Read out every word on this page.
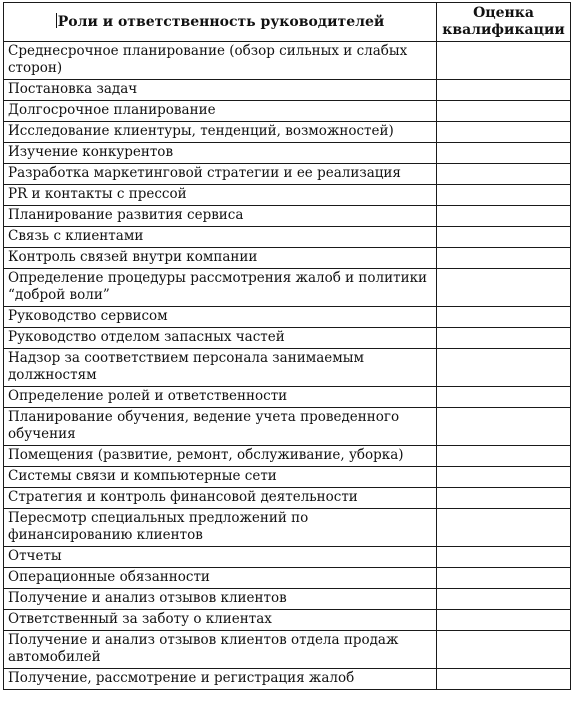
Роли и ответственность руководителей	Оценка
квалификации

Среднесрочное планирование (обзор сильных и слабых сторон)	
Постановка задач	
Долгосрочное планирование	
Исследование клиентуры, тенденций, возможностей)	
Изучение конкурентов	
Разработка маркетинговой стратегии и ее реализация	
PR и контакты с прессой	
Планирование развития сервиса	
Связь с клиентами	
Контроль связей внутри компании	
Определение процедуры рассмотрения жалоб и политики “доброй воли”	
Руководство сервисом	
Руководство отделом запасных частей	
Надзор за соответствием персонала занимаемым должностям	
Определение ролей и ответственности	
Планирование обучения, ведение учета проведенного обучения	
Помещения (развитие, ремонт, обслуживание, уборка)	
Системы связи и компьютерные сети	
Стратегия и контроль финансовой деятельности	
Пересмотр специальных предложений по финансированию клиентов	
Отчеты	
Операционные обязанности	
Получение и анализ отзывов клиентов	
Ответственный за заботу о клиентах	
Получение и анализ отзывов клиентов отдела продаж автомобилей	
Получение, рассмотрение и регистрация жалоб	
